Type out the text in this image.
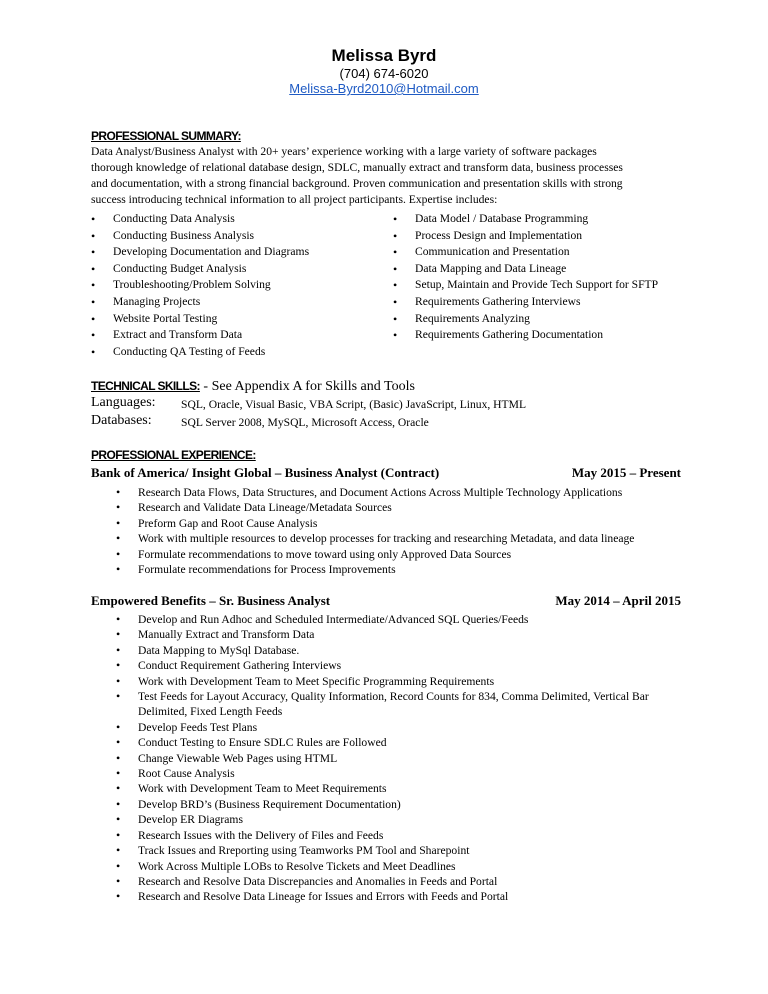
Melissa Byrd
(704) 674-6020
Melissa-Byrd2010@Hotmail.com
PROFESSIONAL SUMMARY:
Data Analyst/Business Analyst with 20+ years’ experience working with a large variety of software packages
thorough knowledge of relational database design, SDLC, manually extract and transform data, business processes
and documentation, with a strong financial background. Proven communication and presentation skills with strong
success introducing technical information to all project participants. Expertise includes:
• Conducting Data Analysis
• Conducting Business Analysis
• Developing Documentation and Diagrams
• Conducting Budget Analysis
• Troubleshooting/Problem Solving
• Managing Projects
• Website Portal Testing
• Extract and Transform Data
• Conducting QA Testing of Feeds
• Data Model / Database Programming
• Process Design and Implementation
• Communication and Presentation
• Data Mapping and Data Lineage
• Setup, Maintain and Provide Tech Support for SFTP
• Requirements Gathering Interviews
• Requirements Analyzing
• Requirements Gathering Documentation
TECHNICAL SKILLS: - See Appendix A for Skills and Tools
Languages: SQL, Oracle, Visual Basic, VBA Script, (Basic) JavaScript, Linux, HTML
Databases:	SQL Server 2008, MySQL, Microsoft Access, Oracle
PROFESSIONAL EXPERIENCE:
Bank of America/ Insight Global – Business Analyst (Contract)	May 2015 – Present
• Research Data Flows, Data Structures, and Document Actions Across Multiple Technology Applications
• Research and Validate Data Lineage/Metadata Sources
• Preform Gap and Root Cause Analysis
• Work with multiple resources to develop processes for tracking and researching Metadata, and data lineage
• Formulate recommendations to move toward using only Approved Data Sources
• Formulate recommendations for Process Improvements
Empowered Benefits – Sr. Business Analyst	May 2014 – April 2015
• Develop and Run Adhoc and Scheduled Intermediate/Advanced SQL Queries/Feeds
• Manually Extract and Transform Data
• Data Mapping to MySql Database.
• Conduct Requirement Gathering Interviews
• Work with Development Team to Meet Specific Programming Requirements
• Test Feeds for Layout Accuracy, Quality Information, Record Counts for 834, Comma Delimited, Vertical Bar Delimited, Fixed Length Feeds
• Develop Feeds Test Plans
• Conduct Testing to Ensure SDLC Rules are Followed
• Change Viewable Web Pages using HTML
• Root Cause Analysis
• Work with Development Team to Meet Requirements
• Develop BRD’s (Business Requirement Documentation)
• Develop ER Diagrams
• Research Issues with the Delivery of Files and Feeds
• Track Issues and Rreporting using Teamworks PM Tool and Sharepoint
• Work Across Multiple LOBs to Resolve Tickets and Meet Deadlines
• Research and Resolve Data Discrepancies and Anomalies in Feeds and Portal
• Research and Resolve Data Lineage for Issues and Errors with Feeds and Portal
